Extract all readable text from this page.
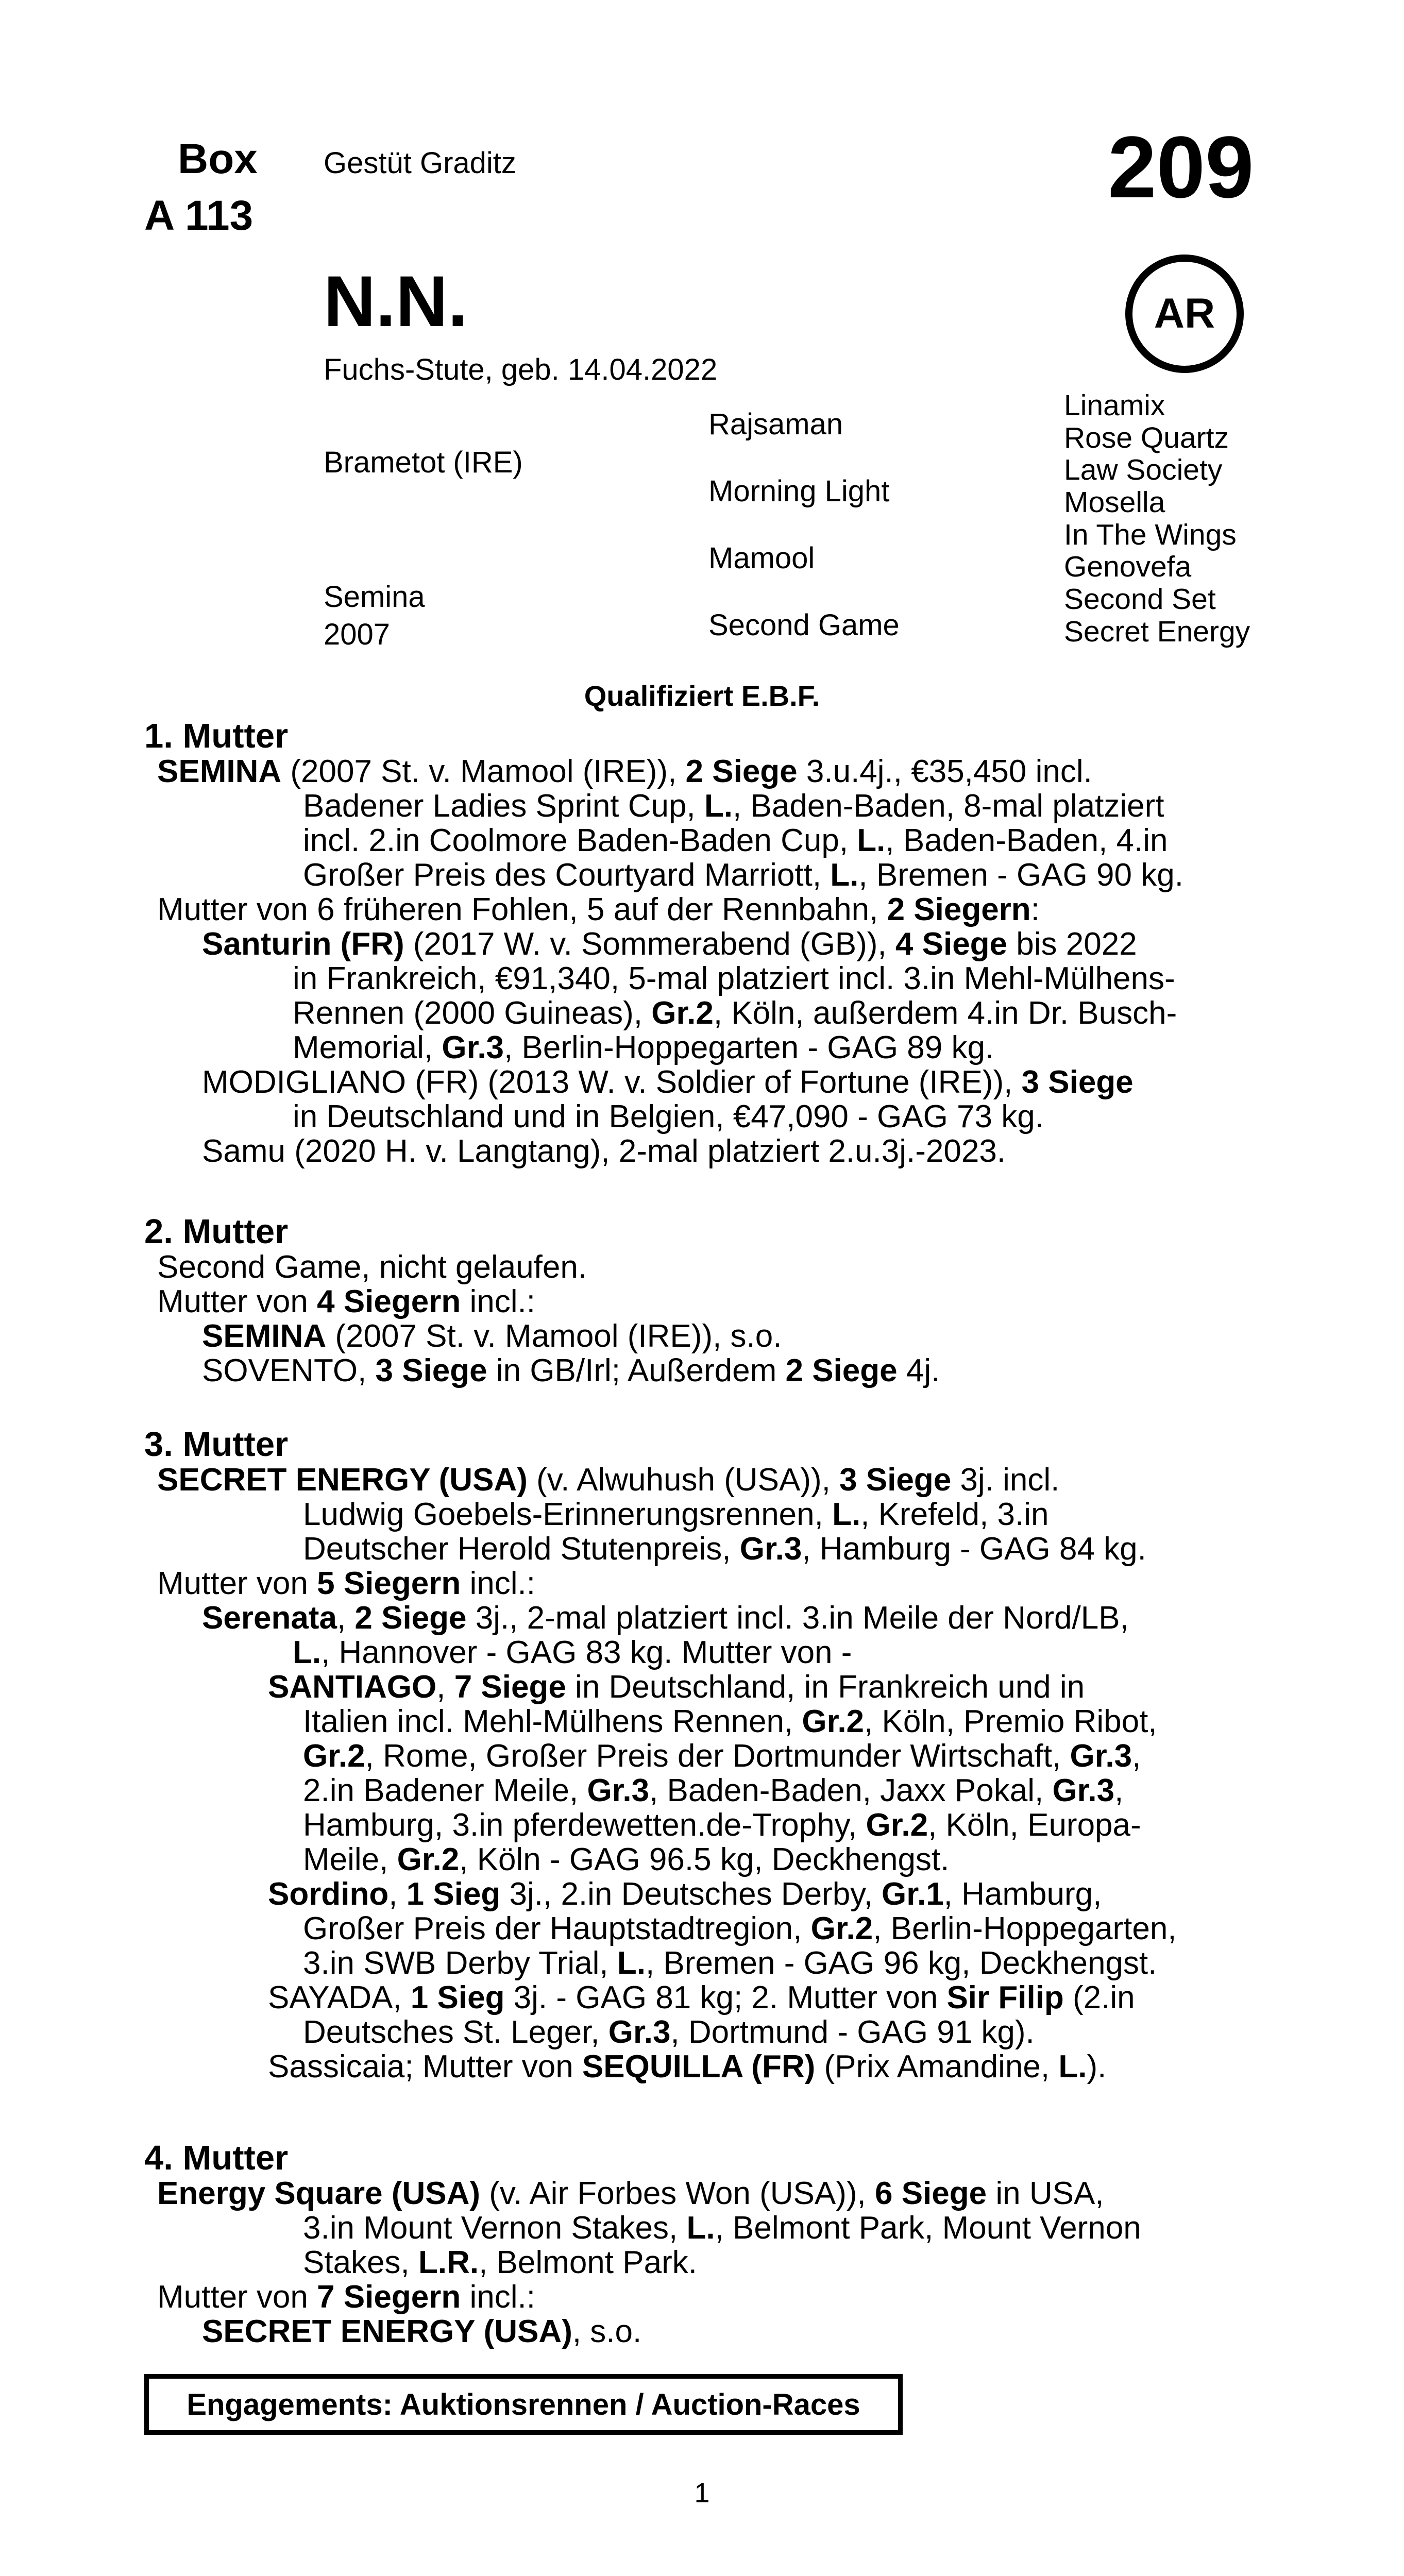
Box
A 113
Gestüt Graditz	209
AR
N.N.
Fuchs-Stute, geb. 14.04.2022
Brametot (IRE)
Semina
2007
Rajsaman
Morning Light
Mamool
Second Game
Linamix
Rose Quartz
Law Society
Mosella
In The Wings
Genovefa
Second Set
Secret Energy
Qualifiziert E.B.F.
1. Mutter
SEMINA (2007 St. v. Mamool (IRE)), 2 Siege 3.u.4j., €35,450 incl.
Badener Ladies Sprint Cup, L., Baden-Baden, 8-mal platziert
incl. 2.in Coolmore Baden-Baden Cup, L., Baden-Baden, 4.in
Großer Preis des Courtyard Marriott, L., Bremen - GAG 90 kg.
Mutter von 6 früheren Fohlen, 5 auf der Rennbahn, 2 Siegern:
Santurin (FR) (2017 W. v. Sommerabend (GB)), 4 Siege bis 2022
in Frankreich, €91,340, 5-mal platziert incl. 3.in Mehl-Mülhens-
Rennen (2000 Guineas), Gr.2, Köln, außerdem 4.in Dr. Busch-
Memorial, Gr.3, Berlin-Hoppegarten - GAG 89 kg.
MODIGLIANO (FR) (2013 W. v. Soldier of Fortune (IRE)), 3 Siege
in Deutschland und in Belgien, €47,090 - GAG 73 kg.
Samu (2020 H. v. Langtang), 2-mal platziert 2.u.3j.-2023.
2. Mutter
Second Game, nicht gelaufen.
Mutter von 4 Siegern incl.:
SEMINA (2007 St. v. Mamool (IRE)), s.o.
SOVENTO, 3 Siege in GB/Irl; Außerdem 2 Siege 4j.
3. Mutter
SECRET ENERGY (USA) (v. Alwuhush (USA)), 3 Siege 3j. incl.
Ludwig Goebels-Erinnerungsrennen, L., Krefeld, 3.in
Deutscher Herold Stutenpreis, Gr.3, Hamburg - GAG 84 kg.
Mutter von 5 Siegern incl.:
Serenata, 2 Siege 3j., 2-mal platziert incl. 3.in Meile der Nord/LB,
L., Hannover - GAG 83 kg. Mutter von -
SANTIAGO, 7 Siege in Deutschland, in Frankreich und in
Italien incl. Mehl-Mülhens Rennen, Gr.2, Köln, Premio Ribot,
Gr.2, Rome, Großer Preis der Dortmunder Wirtschaft, Gr.3,
2.in Badener Meile, Gr.3, Baden-Baden, Jaxx Pokal, Gr.3,
Hamburg, 3.in pferdewetten.de-Trophy, Gr.2, Köln, Europa-
Meile, Gr.2, Köln - GAG 96.5 kg, Deckhengst.
Sordino, 1 Sieg 3j., 2.in Deutsches Derby, Gr.1, Hamburg,
Großer Preis der Hauptstadtregion, Gr.2, Berlin-Hoppegarten,
3.in SWB Derby Trial, L., Bremen - GAG 96 kg, Deckhengst.
SAYADA, 1 Sieg 3j. - GAG 81 kg; 2. Mutter von Sir Filip (2.in
Deutsches St. Leger, Gr.3, Dortmund - GAG 91 kg).
Sassicaia; Mutter von SEQUILLA (FR) (Prix Amandine, L.).
4. Mutter
Energy Square (USA) (v. Air Forbes Won (USA)), 6 Siege in USA,
3.in Mount Vernon Stakes, L., Belmont Park, Mount Vernon
Stakes, L.R., Belmont Park.
Mutter von 7 Siegern incl.:
SECRET ENERGY (USA), s.o.
Engagements: Auktionsrennen / Auction-Races
1
